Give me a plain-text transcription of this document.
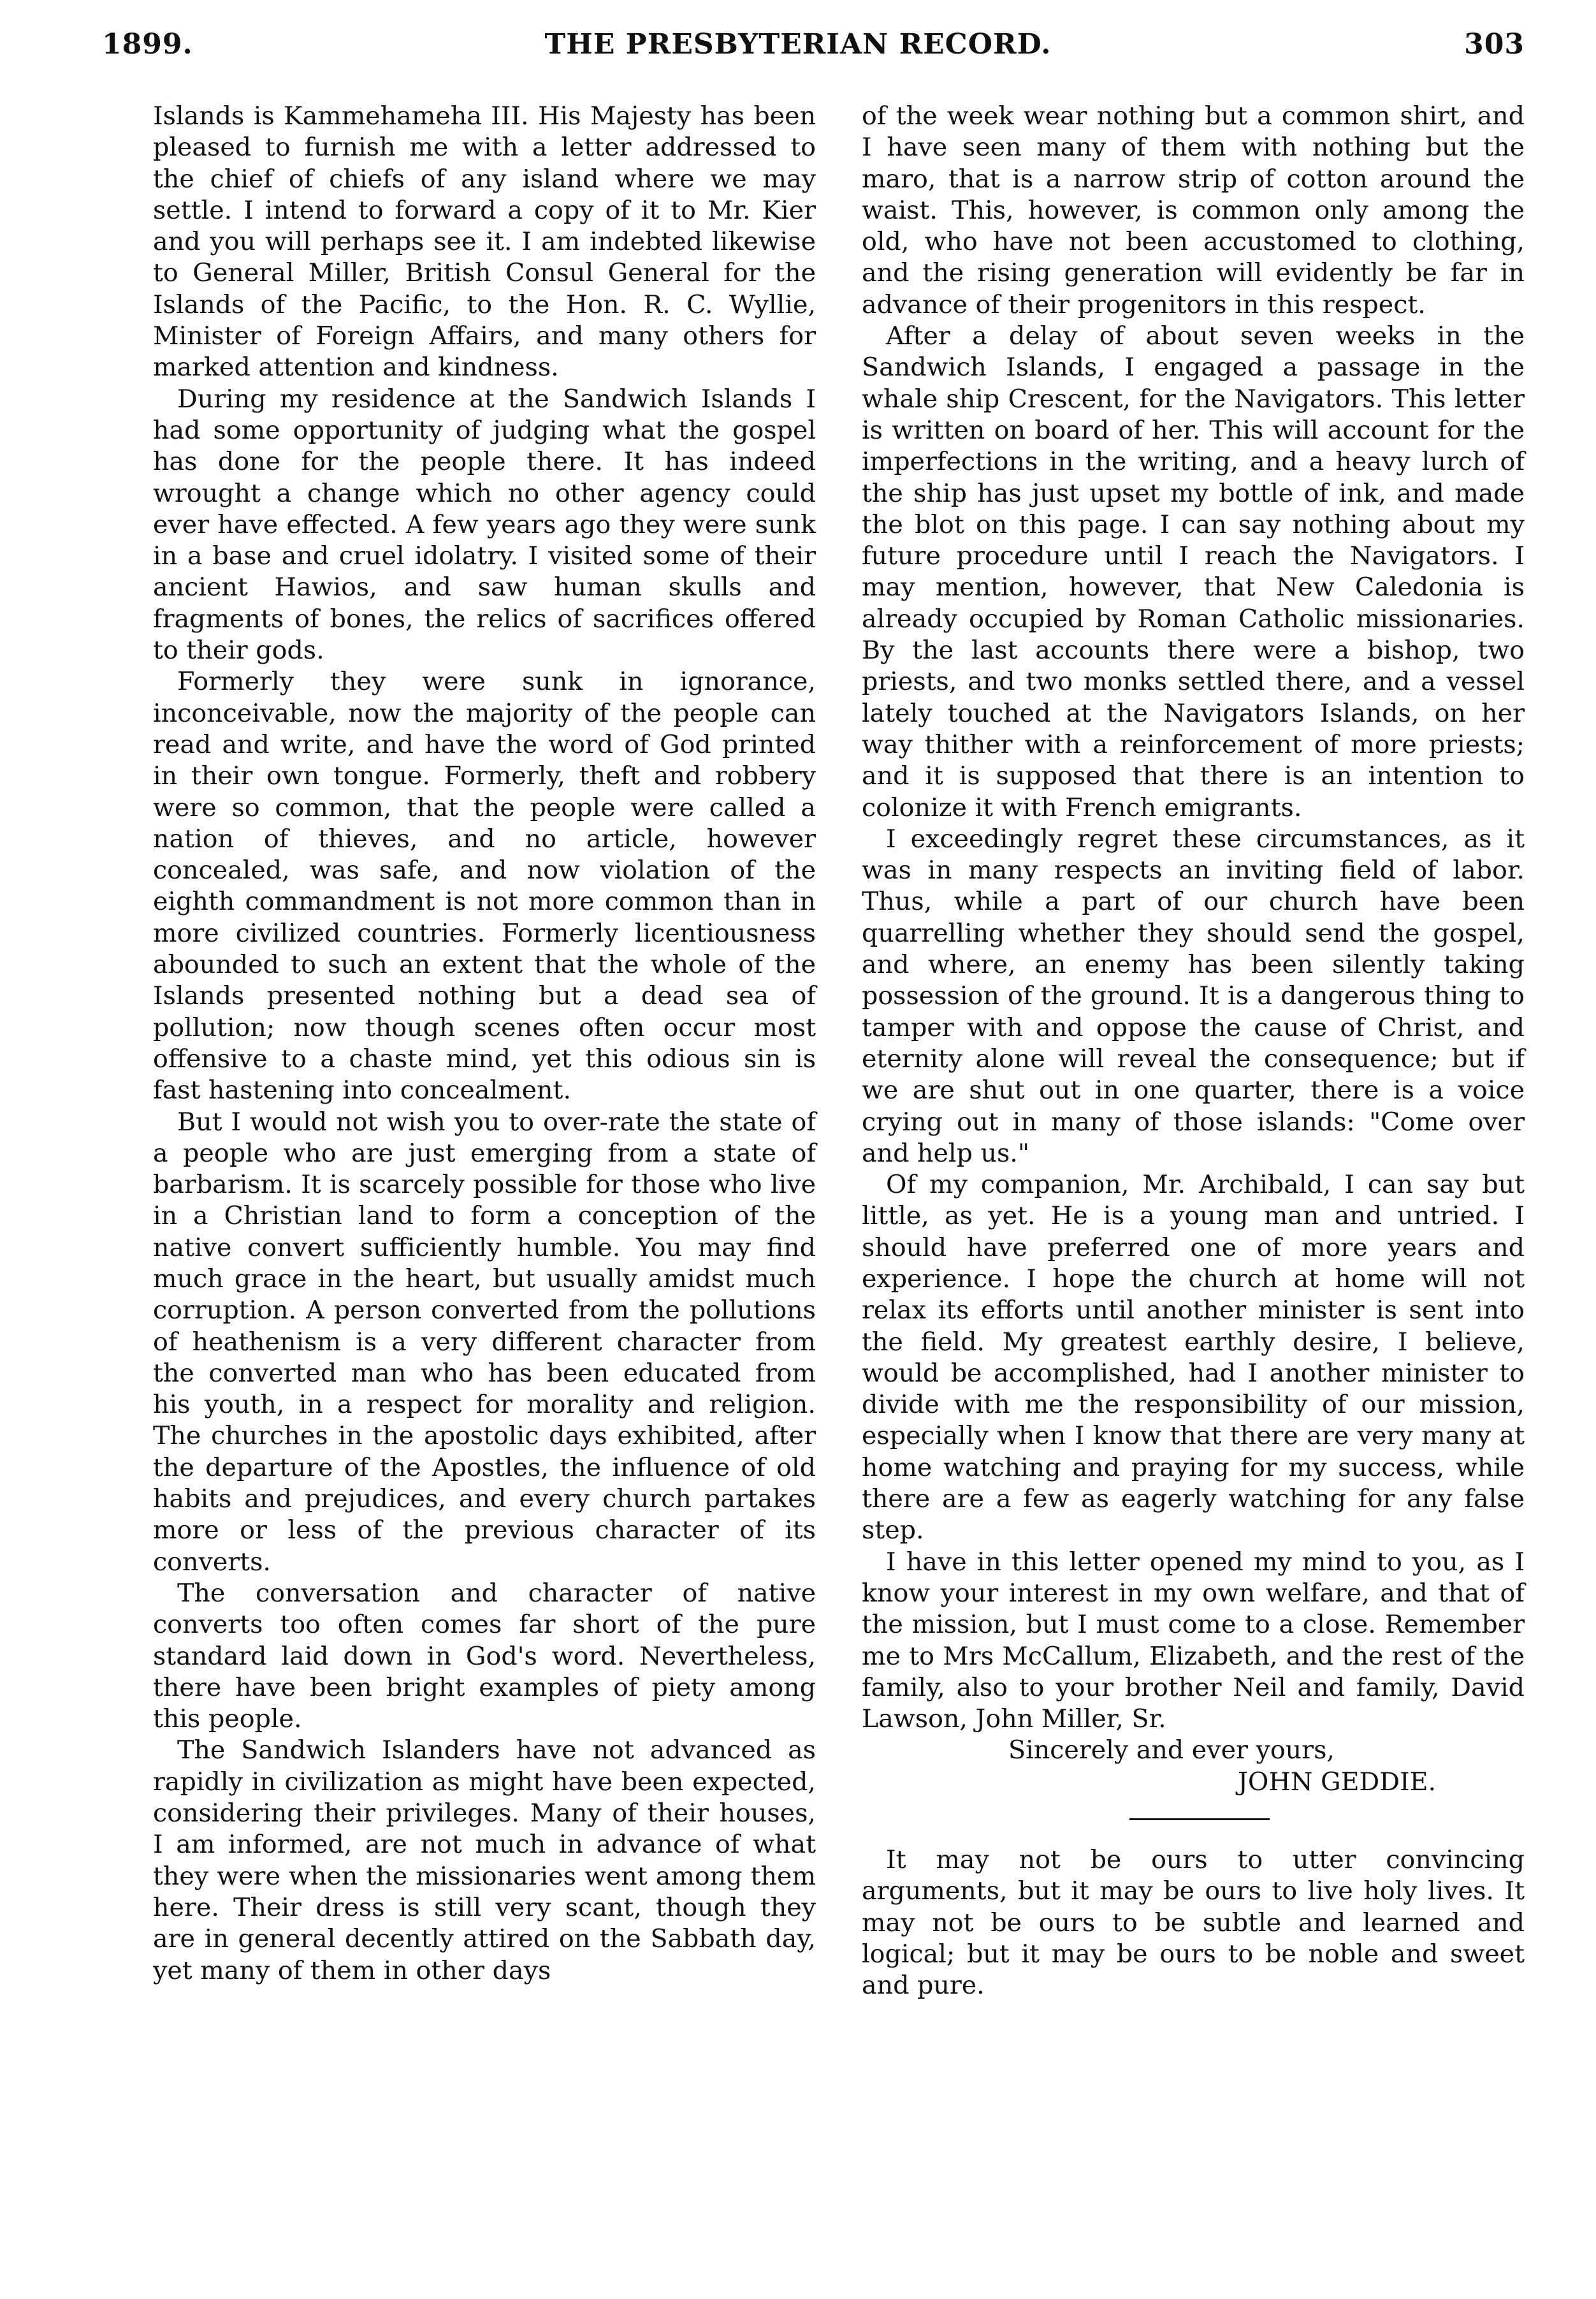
1899.	THE PRESBYTERIAN RECORD.	303

Islands is Kammehameha III. His Majesty has been pleased to furnish me with a letter addressed to the chief of chiefs of any island where we may settle. I intend to forward a copy of it to Mr. Kier and you will perhaps see it. I am indebted likewise to General Miller, British Consul General for the Islands of the Pacific, to the Hon. R. C. Wyllie, Minister of Foreign Affairs, and many others for marked attention and kindness.

During my residence at the Sandwich Islands I had some opportunity of judging what the gospel has done for the people there. It has indeed wrought a change which no other agency could ever have effected. A few years ago they were sunk in a base and cruel idolatry. I visited some of their ancient Hawios, and saw human skulls and fragments of bones, the relics of sacrifices offered to their gods.

Formerly they were sunk in ignorance, inconceivable, now the majority of the people can read and write, and have the word of God printed in their own tongue. Formerly, theft and robbery were so common, that the people were called a nation of thieves, and no article, however concealed, was safe, and now violation of the eighth commandment is not more common than in more civilized countries. Formerly licentiousness abounded to such an extent that the whole of the Islands presented nothing but a dead sea of pollution; now though scenes often occur most offensive to a chaste mind, yet this odious sin is fast hastening into concealment.

But I would not wish you to over-rate the state of a people who are just emerging from a state of barbarism. It is scarcely possible for those who live in a Christian land to form a conception of the native convert sufficiently humble. You may find much grace in the heart, but usually amidst much corruption. A person converted from the pollutions of heathenism is a very different character from the converted man who has been educated from his youth, in a respect for morality and religion. The churches in the apostolic days exhibited, after the departure of the Apostles, the influence of old habits and prejudices, and every church partakes more or less of the previous character of its converts.

The conversation and character of native converts too often comes far short of the pure standard laid down in God's word. Nevertheless, there have been bright examples of piety among this people.

The Sandwich Islanders have not advanced as rapidly in civilization as might have been expected, considering their privileges. Many of their houses, I am informed, are not much in advance of what they were when the missionaries went among them here. Their dress is still very scant, though they are in general decently attired on the Sabbath day, yet many of them in other days

of the week wear nothing but a common shirt, and I have seen many of them with nothing but the maro, that is a narrow strip of cotton around the waist. This, however, is common only among the old, who have not been accustomed to clothing, and the rising generation will evidently be far in advance of their progenitors in this respect.

After a delay of about seven weeks in the Sandwich Islands, I engaged a passage in the whale ship Crescent, for the Navigators. This letter is written on board of her. This will account for the imperfections in the writing, and a heavy lurch of the ship has just upset my bottle of ink, and made the blot on this page. I can say nothing about my future procedure until I reach the Navigators. I may mention, however, that New Caledonia is already occupied by Roman Catholic missionaries. By the last accounts there were a bishop, two priests, and two monks settled there, and a vessel lately touched at the Navigators Islands, on her way thither with a reinforcement of more priests; and it is supposed that there is an intention to colonize it with French emigrants.

I exceedingly regret these circumstances, as it was in many respects an inviting field of labor. Thus, while a part of our church have been quarrelling whether they should send the gospel, and where, an enemy has been silently taking possession of the ground. It is a dangerous thing to tamper with and oppose the cause of Christ, and eternity alone will reveal the consequence; but if we are shut out in one quarter, there is a voice crying out in many of those islands: "Come over and help us."

Of my companion, Mr. Archibald, I can say but little, as yet. He is a young man and untried. I should have preferred one of more years and experience. I hope the church at home will not relax its efforts until another minister is sent into the field. My greatest earthly desire, I believe, would be accomplished, had I another minister to divide with me the responsibility of our mission, especially when I know that there are very many at home watching and praying for my success, while there are a few as eagerly watching for any false step.

I have in this letter opened my mind to you, as I know your interest in my own welfare, and that of the mission, but I must come to a close. Remember me to Mrs McCallum, Elizabeth, and the rest of the family, also to your brother Neil and family, David Lawson, John Miller, Sr.

Sincerely and ever yours,
JOHN GEDDIE.

It may not be ours to utter convincing arguments, but it may be ours to live holy lives. It may not be ours to be subtle and learned and logical; but it may be ours to be noble and sweet and pure.
